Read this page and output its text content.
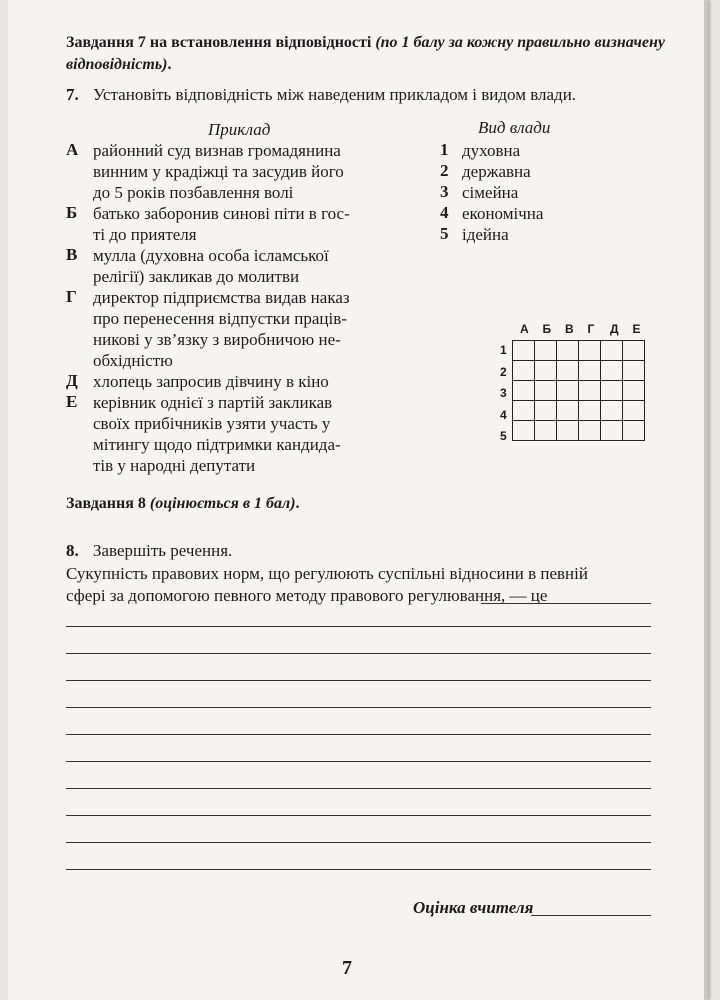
Завдання 7 на встановлення відповідності (по 1 балу за кожну правильно визначену відповідність).
7. Установіть відповідність між наведеним прикладом і видом влади.
Приклад	Вид влади
А районний суд визнав громадянина
винним у крадіжці та засудив його
до 5 років позбавлення волі
Б батько заборонив синові піти в гос-
ті до приятеля
В мулла (духовна особа ісламської
релігії) закликав до молитви
Г директор підприємства видав наказ
про перенесення відпустки праців-
никові у зв’язку з виробничою не-
обхідністю
Д хлопець запросив дівчину в кіно
Е керівник однієї з партій закликав
своїх прибічників узяти участь у
мітингу щодо підтримки кандида-
тів у народні депутати
1 духовна
2 державна
3 сімейна
4 економічна
5 ідейна
А Б В Г Д Е
1
2
3
4
5

Завдання 8 (оцінюється в 1 бал).
8. Завершіть речення.
Сукупність правових норм, що регулюють суспільні відносини в певній
сфері за допомогою певного методу правового регулювання, — це
Оцінка вчителя
7
